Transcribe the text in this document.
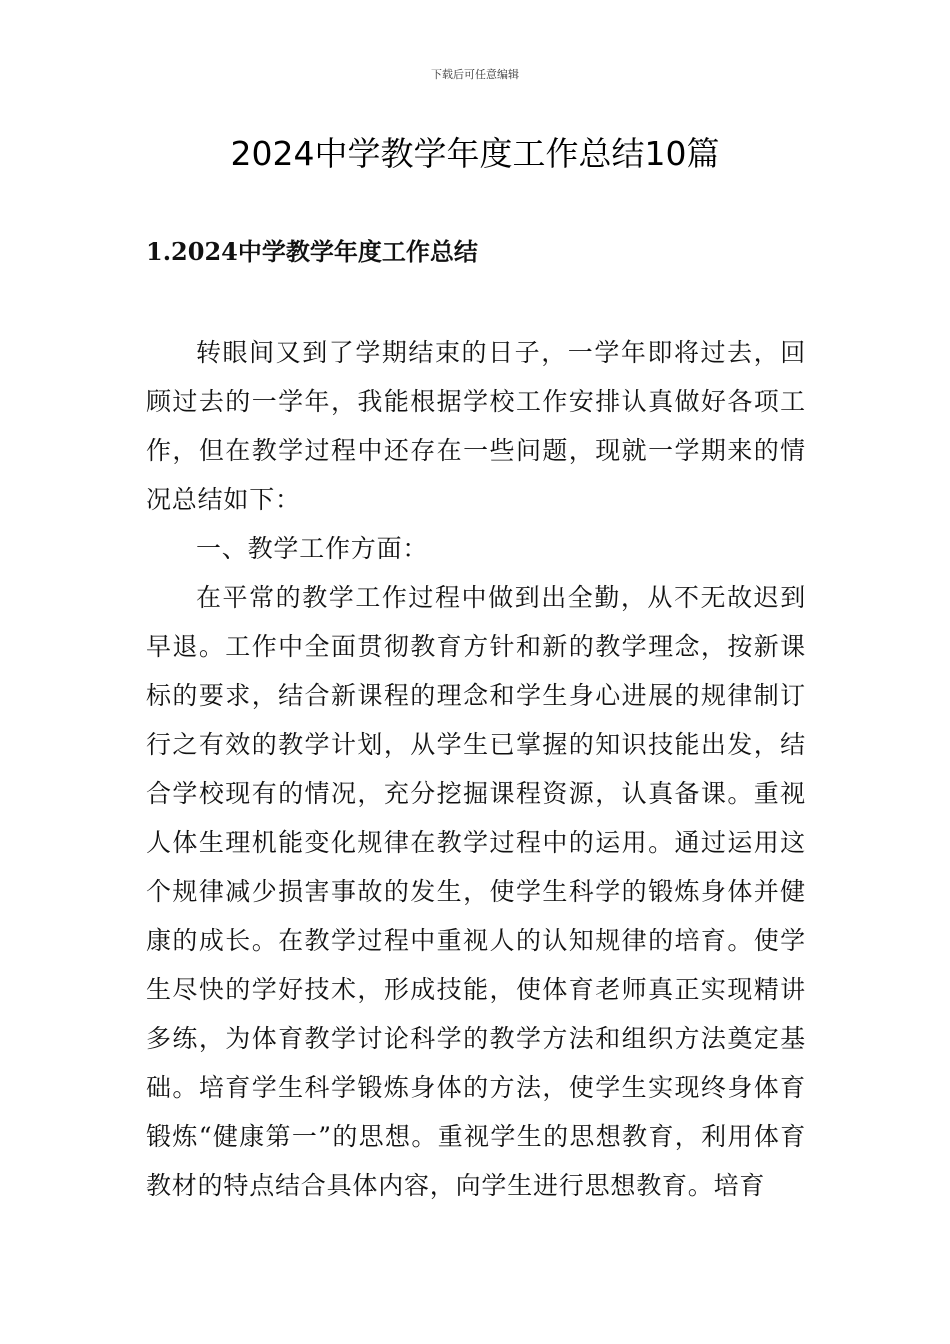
下载后可任意编辑
2024中学教学年度工作总结10篇
1.2024中学教学年度工作总结

转眼间又到了学期结束的日子，一学年即将过去，回顾过去的一学年，我能根据学校工作安排认真做好各项工作，但在教学过程中还存在一些问题，现就一学期来的情况总结如下：

一、教学工作方面：

在平常的教学工作过程中做到出全勤，从不无故迟到早退。工作中全面贯彻教育方针和新的教学理念，按新课标的要求，结合新课程的理念和学生身心进展的规律制订行之有效的教学计划，从学生已掌握的知识技能出发，结合学校现有的情况，充分挖掘课程资源，认真备课。重视人体生理机能变化规律在教学过程中的运用。通过运用这个规律减少损害事故的发生，使学生科学的锻炼身体并健康的成长。在教学过程中重视人的认知规律的培育。使学生尽快的学好技术，形成技能，使体育老师真正实现精讲多练，为体育教学讨论科学的教学方法和组织方法奠定基础。培育学生科学锻炼身体的方法，使学生实现终身体育锻炼“健康第一”的思想。重视学生的思想教育，利用体育教材的特点结合具体内容，向学生进行思想教育。培育
